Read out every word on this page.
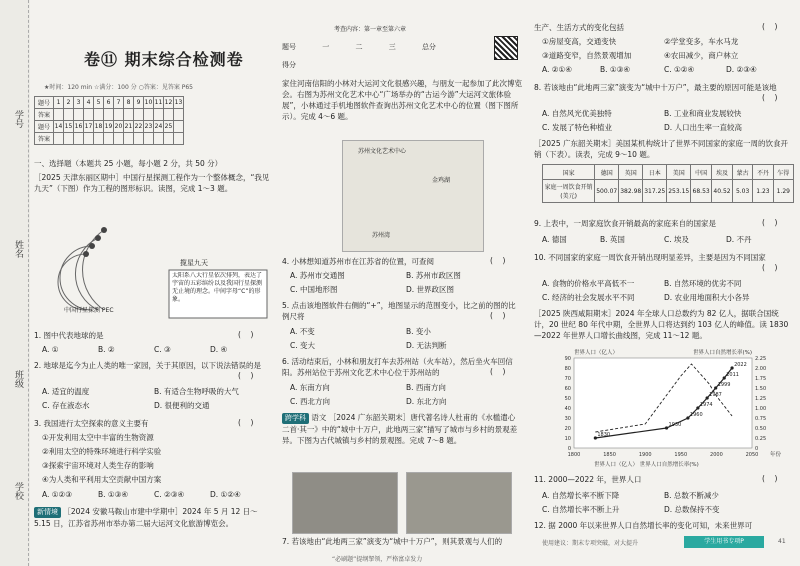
学号
姓名
班级
学校
卷⑪ 期末综合检测卷
★时间：120 min ☆满分：100 分 ○答案：见答案 P65
题号	1	2	3	4	5	6	7	8	9	10	11	12	13
答案													
题号	14	15	16	17	18	19	20	21	22	23	24	25	
答案													
一、选择题（本题共 25 小题，每小题 2 分，共 50 分）
［2025 天津东丽区期中］中国行星探测工程作为一个整体概念，“我见九天”（下图）作为工程的图形标识。读图，完成 1～3 题。
揽星九天
太阳系八大行星依次排列，表达了宇宙的五彩缤纷以及我国行星探测无止境的理念。中间字母“C”的形象。
中国行星探测 PEC
1. 图中代表地球的是	(    )
A. ①	B. ②	C. ③	D. ④
2. 地球是迄今为止人类的唯一家园，关于其原因，以下说法错误的是
(    )
A. 适宜的温度	B. 有适合生物呼吸的大气
C. 存在液态水	D. 很便利的交通
3. 我国进行太空探索的意义主要有	(    )
①开发利用太空中丰富的生物资源
②利用太空的特殊环境进行科学实验
③探索宇宙环境对人类生存的影响
④为人类和平利用太空贡献中国方案
A. ①②③	B. ①③④	C. ②③④	D. ①②④
新情境 ［2024 安徽马鞍山市建中学期中］2024 年 5 月 12 日～5.15 日，江苏省苏州市举办第二届大运河文化旅游博览会。
考查内容：第一章至第六章
题号	一	二	三	总分
得分
家住河南信阳的小林对大运河文化很感兴趣，与朋友一起参加了此次博览会。右图为苏州文化艺术中心“广场举办的“古运今游”大运河文旅体验展”，小林通过手机地图软件查询出苏州文化艺术中心的位置（图下图所示）。完成 4～6 题。
苏州文化艺术中心
金鸡湖
苏州湾
4. 小林想知道苏州市在江苏省的位置，可查阅	(    )
A. 苏州市交通图	B. 苏州市政区图
C. 中国地形图	D. 世界政区图
5. 点击该地图软件右侧的“+”，地图显示的范围变小，比之前的图的比例尺将	(    )
A. 不变	B. 变小
C. 变大	D. 无法判断
6. 活动结束后，小林和朋友打车去苏州站（火车站），然后坐火车回信阳。苏州站位于苏州文化艺术中心位于苏州站的	(    )
A. 东南方向	B. 西南方向
C. 西北方向	D. 东北方向
跨学科 语文 ［2024 广东韶关期末］唐代著名诗人杜甫的《水槛遣心二首·其一》中的“城中十万户，此地两三家”描写了城市与乡村的景观差异。下图为古代城镇与乡村的景观图。完成 7～8 题。
7. 若该地由“此地两三家”演变为“城中十万户”，则其景观与人们的
“必刷题”提纲挈领，严格富卓发力
生产、生活方式的变化包括	(    )
①房屋变高，交通变快	②学堂变多，车水马龙
③道路变窄，自然景观增加	④农田减少，商户林立
A. ②①④	B. ①③④	C. ①②④	D. ②③④
8. 若该地由“此地两三家”演变为“城中十万户”，最主要的原因可能是该地
(    )
A. 自然风光优美独特	B. 工业和商业发展较快
C. 发展了特色种植业	D. 人口出生率一直较高
［2025 广东韶关期末］美国某机构统计了世界不同国家的家庭一周的饮食开销（下表）。读表，完成 9～10 题。
国家	德国	英国	日本	美国	中国	埃及	蒙古	不丹	乍得
家庭一周饮食开销(美元)	500.07	382.98	317.25	253.15	68.53	40.52	5.03	1.23	1.29
9. 上表中，一周家庭饮食开销最高的家庭来自的国家是	(    )
A. 德国	B. 英国	C. 埃及	D. 不丹
10. 不同国家的家庭一周饮食开销出现明显差异，主要是因为不同国家
(    )
A. 食物的价格水平高低不一	B. 自然环境的优劣不同
C. 经济的社会发展水平不同	D. 农业用地面积大小各异
［2025 陕西咸阳期末］2024 年全球人口总数约为 82 亿人，据联合国统计，20 世纪 80 年代中期，全世界人口将达到约 103 亿人的峰值。读 1830—2022 年世界人口增长曲线图，完成 11～12 题。
90
80
70
60
50
40
30
20
10
0
2.25
2.00
1.75
1.50
1.25
1.00
0.75
0.50
0.25
0
1800	1850	1900	1950	2000	2050
世界人口（亿人）	世界人口自然增长率(%)
年份
1830
1930
1960
1974
1987
1999
2011
2022
世界人口（亿人） 世界人口自然增长率(%)
11. 2000—2022 年，世界人口	(    )
A. 自然增长率不断下降	B. 总数不断减少
C. 自然增长率不断上升	D. 总数保持不变
12. 据 2000 年以来世界人口自然增长率的变化可知，未来世界可
使用建议：期末专项突破，对大提升	学生用书专项P	41
